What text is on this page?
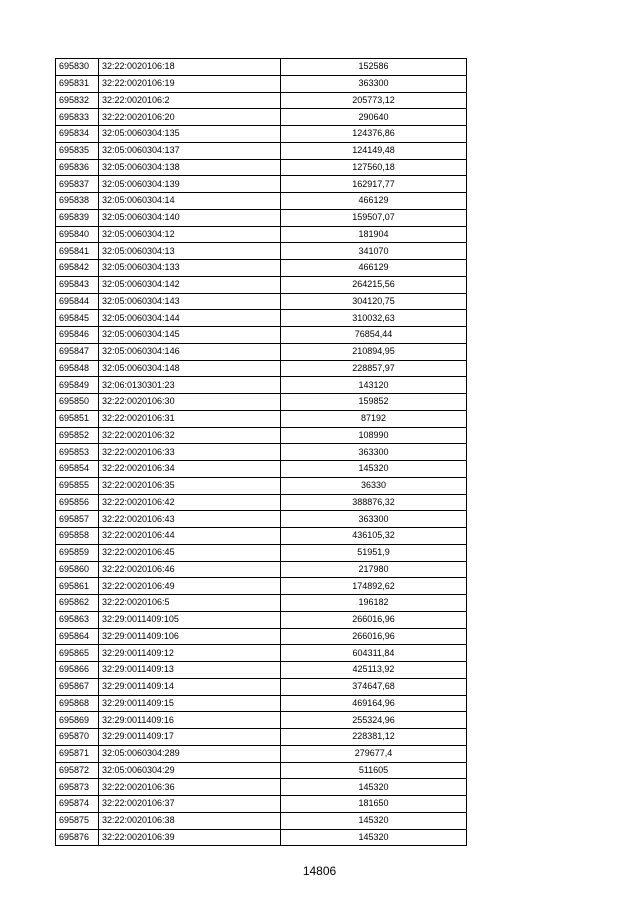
695830	32:22:0020106:18	152586
695831	32:22:0020106:19	363300
695832	32:22:0020106:2	205773,12
695833	32:22:0020106:20	290640
695834	32:05:0060304:135	124376,86
695835	32:05:0060304:137	124149,48
695836	32:05:0060304:138	127560,18
695837	32:05:0060304:139	162917,77
695838	32:05:0060304:14	466129
695839	32:05:0060304:140	159507,07
695840	32:05:0060304:12	181904
695841	32:05:0060304:13	341070
695842	32:05:0060304:133	466129
695843	32:05:0060304:142	264215,56
695844	32:05:0060304:143	304120,75
695845	32:05:0060304:144	310032,63
695846	32:05:0060304:145	76854,44
695847	32:05:0060304:146	210894,95
695848	32:05:0060304:148	228857,97
695849	32:06:0130301:23	143120
695850	32:22:0020106:30	159852
695851	32:22:0020106:31	87192
695852	32:22:0020106:32	108990
695853	32:22:0020106:33	363300
695854	32:22:0020106:34	145320
695855	32:22:0020106:35	36330
695856	32:22:0020106:42	388876,32
695857	32:22:0020106:43	363300
695858	32:22:0020106:44	436105,32
695859	32:22:0020106:45	51951,9
695860	32:22:0020106:46	217980
695861	32:22:0020106:49	174892,62
695862	32:22:0020106:5	196182
695863	32:29:0011409:105	266016,96
695864	32:29:0011409:106	266016,96
695865	32:29:0011409:12	604311,84
695866	32:29:0011409:13	425113,92
695867	32:29:0011409:14	374647,68
695868	32:29:0011409:15	469164,96
695869	32:29:0011409:16	255324,96
695870	32:29:0011409:17	228381,12
695871	32:05:0060304:289	279677,4
695872	32:05:0060304:29	511605
695873	32:22:0020106:36	145320
695874	32:22:0020106:37	181650
695875	32:22:0020106:38	145320
695876	32:22:0020106:39	145320
14806
